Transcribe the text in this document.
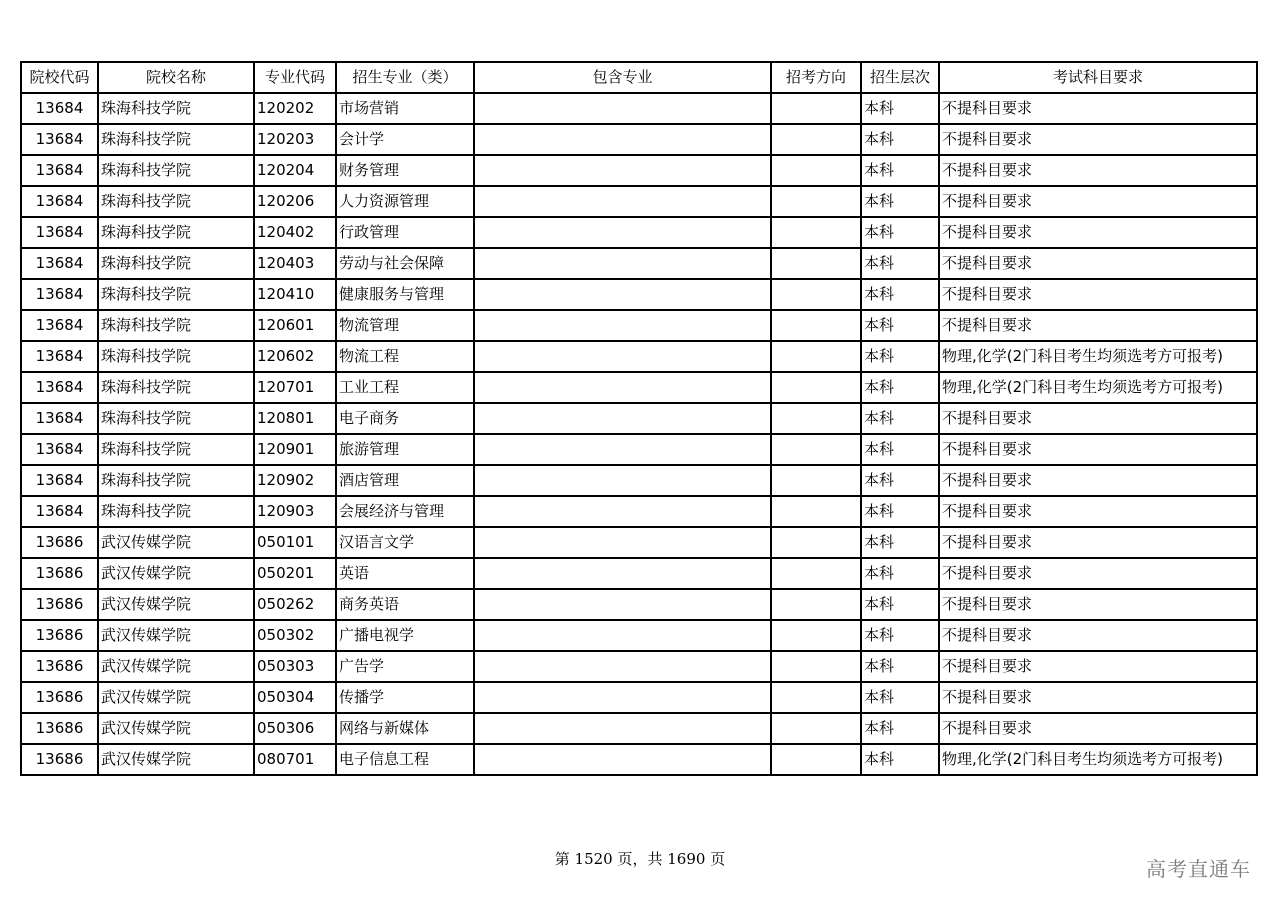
院校代码	院校名称	专业代码	招生专业（类）	包含专业	招考方向	招生层次	考试科目要求
13684	珠海科技学院	120202	市场营销			本科	不提科目要求
13684	珠海科技学院	120203	会计学			本科	不提科目要求
13684	珠海科技学院	120204	财务管理			本科	不提科目要求
13684	珠海科技学院	120206	人力资源管理			本科	不提科目要求
13684	珠海科技学院	120402	行政管理			本科	不提科目要求
13684	珠海科技学院	120403	劳动与社会保障			本科	不提科目要求
13684	珠海科技学院	120410	健康服务与管理			本科	不提科目要求
13684	珠海科技学院	120601	物流管理			本科	不提科目要求
13684	珠海科技学院	120602	物流工程			本科	物理,化学(2门科目考生均须选考方可报考)
13684	珠海科技学院	120701	工业工程			本科	物理,化学(2门科目考生均须选考方可报考)
13684	珠海科技学院	120801	电子商务			本科	不提科目要求
13684	珠海科技学院	120901	旅游管理			本科	不提科目要求
13684	珠海科技学院	120902	酒店管理			本科	不提科目要求
13684	珠海科技学院	120903	会展经济与管理			本科	不提科目要求
13686	武汉传媒学院	050101	汉语言文学			本科	不提科目要求
13686	武汉传媒学院	050201	英语			本科	不提科目要求
13686	武汉传媒学院	050262	商务英语			本科	不提科目要求
13686	武汉传媒学院	050302	广播电视学			本科	不提科目要求
13686	武汉传媒学院	050303	广告学			本科	不提科目要求
13686	武汉传媒学院	050304	传播学			本科	不提科目要求
13686	武汉传媒学院	050306	网络与新媒体			本科	不提科目要求
13686	武汉传媒学院	080701	电子信息工程			本科	物理,化学(2门科目考生均须选考方可报考)
第 1520 页，共 1690 页	高考直通车
